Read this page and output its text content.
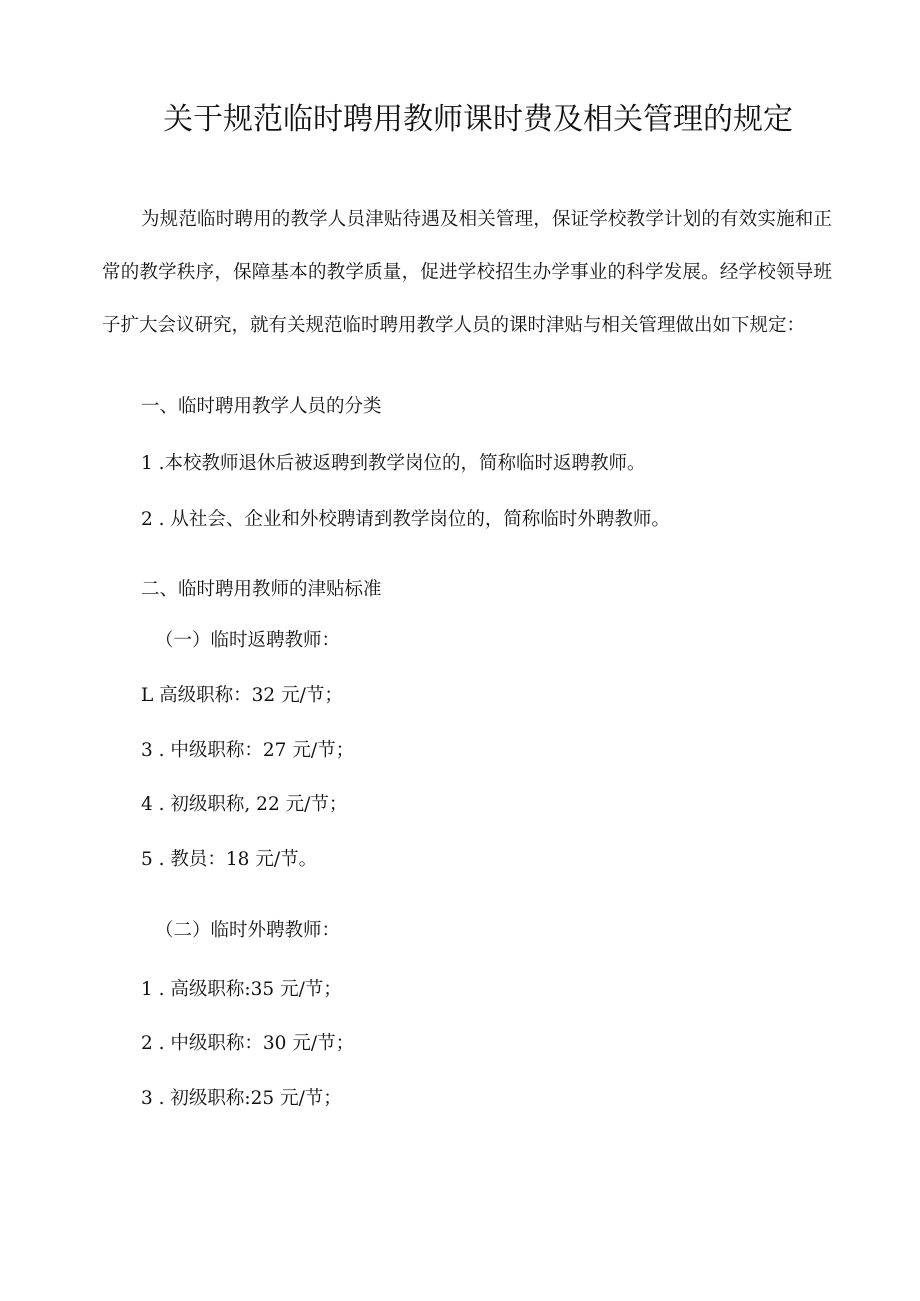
关于规范临时聘用教师课时费及相关管理的规定
为规范临时聘用的教学人员津贴待遇及相关管理，保证学校教学计划的有效实施和正常的教学秩序，保障基本的教学质量，促进学校招生办学事业的科学发展。经学校领导班子扩大会议研究，就有关规范临时聘用教学人员的课时津贴与相关管理做出如下规定：
一、临时聘用教学人员的分类
1 .本校教师退休后被返聘到教学岗位的，简称临时返聘教师。
2 . 从社会、企业和外校聘请到教学岗位的，简称临时外聘教师。
二、临时聘用教师的津贴标准
（一）临时返聘教师：
L 高级职称：32 元/节；
3 . 中级职称：27 元/节；
4 . 初级职称, 22 元/节；
5 . 教员：18 元/节。
（二）临时外聘教师：
1 . 高级职称:35 元/节；
2 . 中级职称：30 元/节；
3 . 初级职称:25 元/节；
